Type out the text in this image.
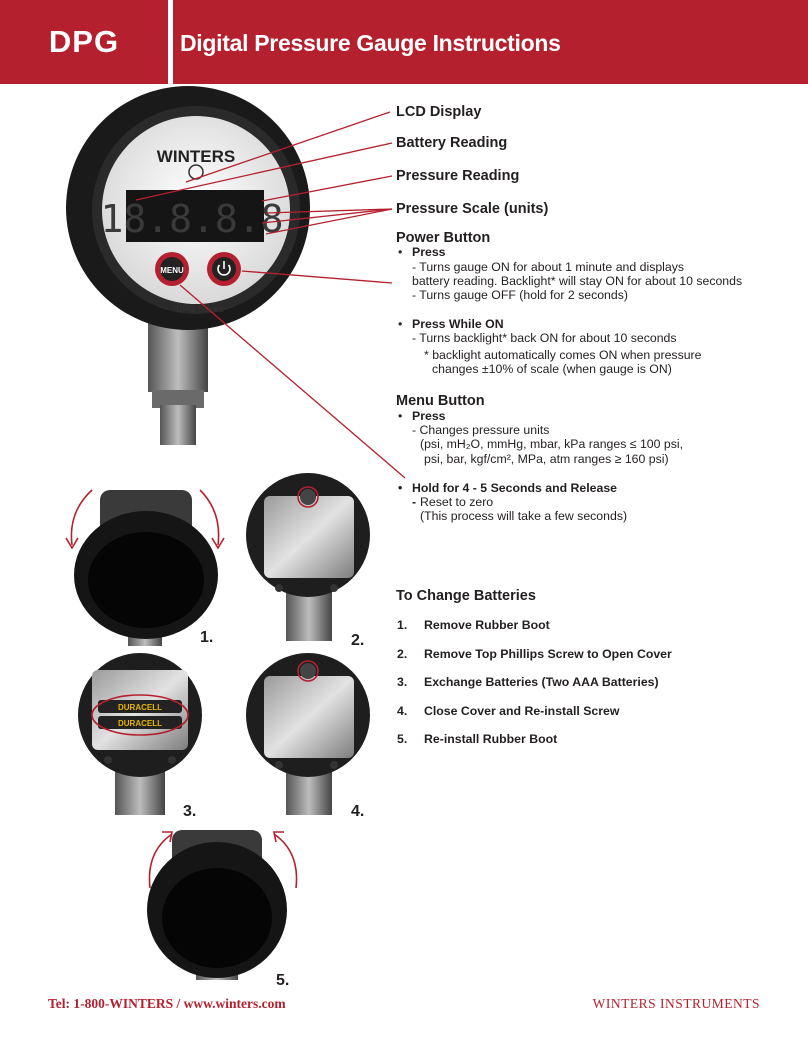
DPG	Digital Pressure Gauge Instructions
WINTERS
18.8.8.8
MENU
DPG Series
DURACELL
DURACELL
1.	2.
3.	4.
5.
LCD Display
Battery Reading
Pressure Reading
Pressure Scale (units)
Power Button
• Press
- Turns gauge ON for about 1 minute and displays
battery reading. Backlight* will stay ON for about 10 seconds
- Turns gauge OFF (hold for 2 seconds)
• Press While ON
- Turns backlight* back ON for about 10 seconds
* backlight automatically comes ON when pressure
changes ±10% of scale (when gauge is ON)
Menu Button
• Press
- Changes pressure units
(psi, mH₂O, mmHg, mbar, kPa ranges ≤ 100 psi,
psi, bar, kgf/cm², MPa, atm ranges ≥ 160 psi)
• Hold for 4 - 5 Seconds and Release
- Reset to zero
(This process will take a few seconds)
To Change Batteries
1. Remove Rubber Boot
2. Remove Top Phillips Screw to Open Cover
3. Exchange Batteries (Two AAA Batteries)
4. Close Cover and Re-install Screw
5. Re-install Rubber Boot
Tel: 1-800-WINTERS / www.winters.com	WINTERS INSTRUMENTS
